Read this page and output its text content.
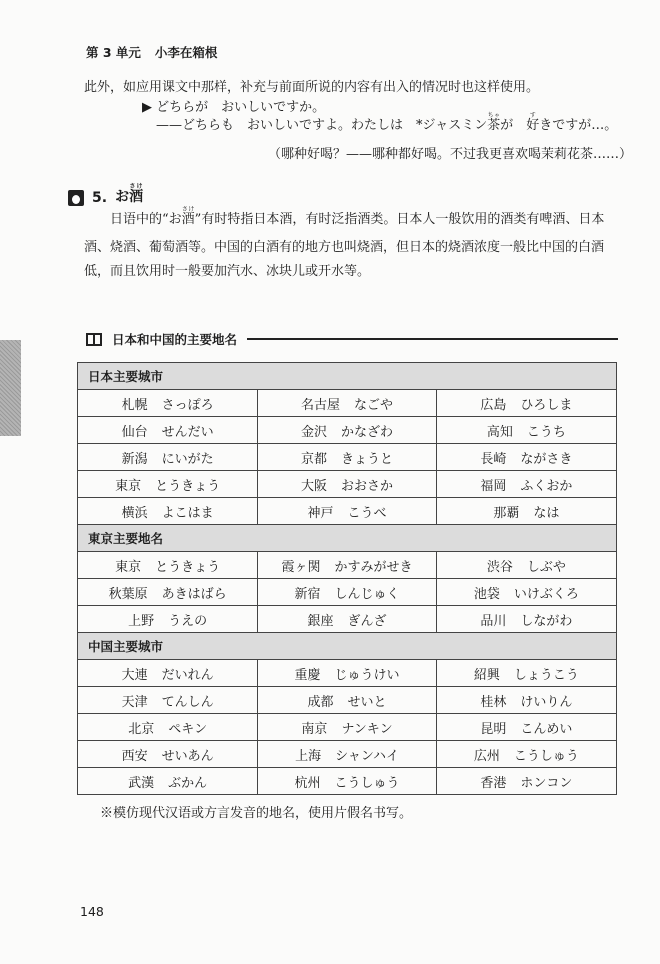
第 3 单元 小李在箱根
此外，如应用课文中那样，补充与前面所说的内容有出入的情况时也这样使用。
▶ どちらが　おいしいですか。
——どちらも　おいしいですよ。わたしは　*ジャスミン茶ちゃが　好すきですが…。
（哪种好喝？——哪种都好喝。不过我更喜欢喝茉莉花茶……）
5. お酒さけ
日语中的“お酒さけ”有时特指日本酒，有时泛指酒类。日本人一般饮用的酒类有啤酒、日本
酒、烧酒、葡萄酒等。中国的白酒有的地方也叫烧酒，但日本的烧酒浓度一般比中国的白酒
低，而且饮用时一般要加汽水、冰块儿或开水等。
日本和中国的主要地名
日本主要城市		
札幌 さっぽろ	名古屋 なごや	広島 ひろしま
仙台 せんだい	金沢 かなざわ	高知 こうち
新潟 にいがた	京都 きょうと	長崎 ながさき
東京 とうきょう	大阪 おおさか	福岡 ふくおか
横浜 よこはま	神戸 こうべ	那覇 なは
東京主要地名		
東京 とうきょう	霞ヶ関 かすみがせき	渋谷 しぶや
秋葉原 あきはばら	新宿 しんじゅく	池袋 いけぶくろ
上野 うえの	銀座 ぎんざ	品川 しながわ
中国主要城市		
大連 だいれん	重慶 じゅうけい	紹興 しょうこう
天津 てんしん	成都 せいと	桂林 けいりん
北京 ペキン	南京 ナンキン	昆明 こんめい
西安 せいあん	上海 シャンハイ	広州 こうしゅう
武漢 ぶかん	杭州 こうしゅう	香港 ホンコン
※模仿现代汉语或方言发音的地名，使用片假名书写。
148
